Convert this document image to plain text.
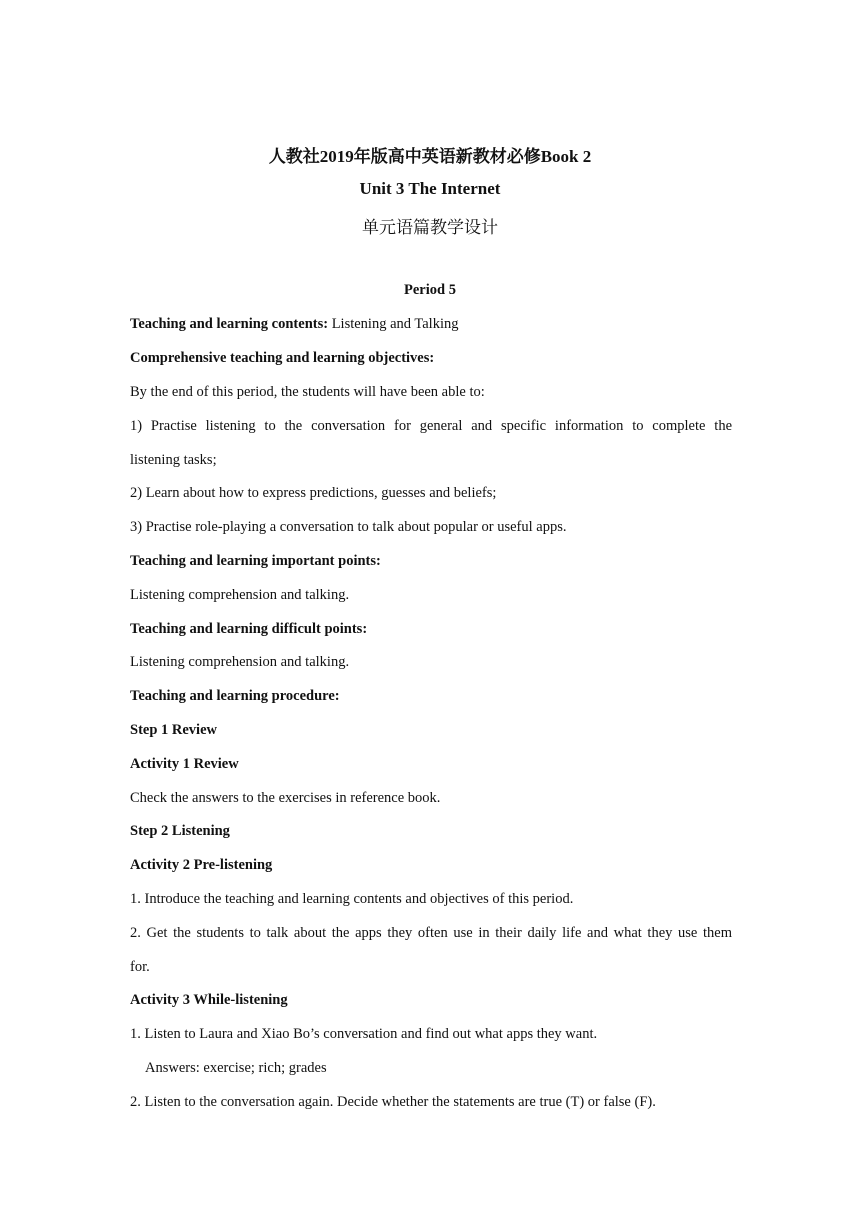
人教社2019年版高中英语新教材必修Book 2
Unit 3 The Internet
单元语篇教学设计
Period 5
Teaching and learning contents: Listening and Talking
Comprehensive teaching and learning objectives:
By the end of this period, the students will have been able to:
1) Practise listening to the conversation for general and specific information to complete the
listening tasks;
2) Learn about how to express predictions, guesses and beliefs;
3) Practise role-playing a conversation to talk about popular or useful apps.
Teaching and learning important points:
Listening comprehension and talking.
Teaching and learning difficult points:
Listening comprehension and talking.
Teaching and learning procedure:
Step 1 Review
Activity 1 Review
Check the answers to the exercises in reference book.
Step 2 Listening
Activity 2 Pre-listening
1. Introduce the teaching and learning contents and objectives of this period.
2. Get the students to talk about the apps they often use in their daily life and what they use them
for.
Activity 3 While-listening
1. Listen to Laura and Xiao Bo’s conversation and find out what apps they want.
Answers: exercise; rich; grades
2. Listen to the conversation again. Decide whether the statements are true (T) or false (F).
